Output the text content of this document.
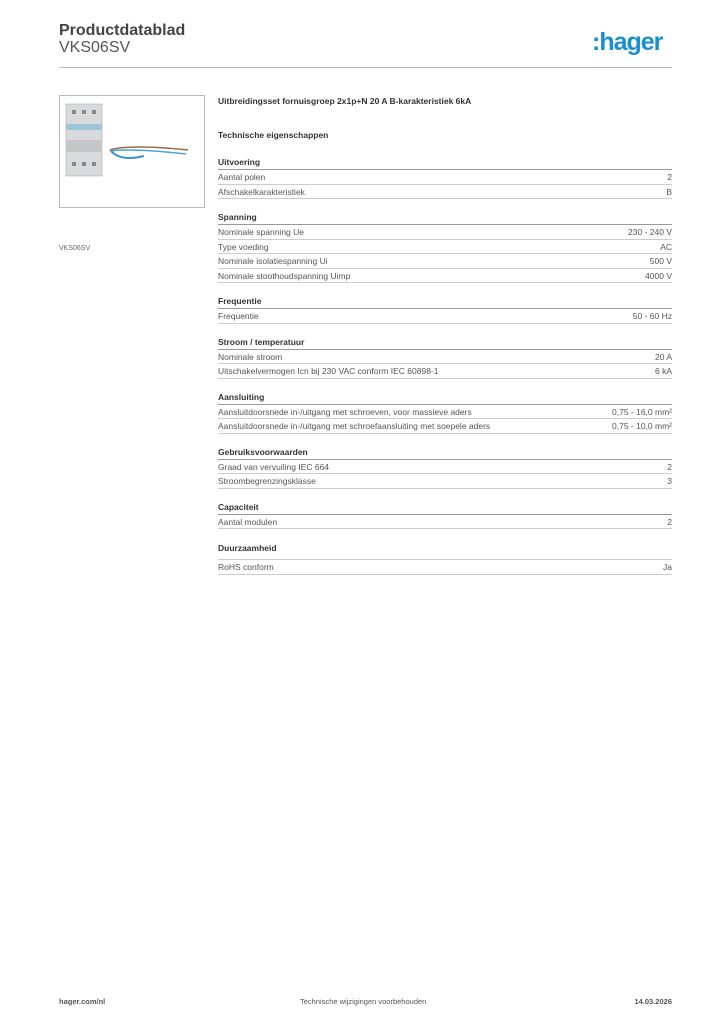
Productdatablad
VKS06SV	:hager
VKS06SV
Uitbreidingsset fornuisgroep 2x1p+N 20 A B-karakteristiek 6kA
Technische eigenschappen
Uitvoering
Aantal polen	2
Afschakelkarakteristiek	B
Spanning
Nominale spanning Ue	230 - 240 V
Type voeding	AC
Nominale isolatiespanning Ui	500 V
Nominale stoothoudspanning Uimp	4000 V
Frequentie
Frequentie	50 - 60 Hz
Stroom / temperatuur
Nominale stroom	20 A
Uitschakelvermogen Icn bij 230 VAC conform IEC 60898-1	6 kA
Aansluiting
Aansluitdoorsnede in-/uitgang met schroeven, voor massieve aders	0,75 - 16,0 mm²
Aansluitdoorsnede in-/uitgang met schroefaansluiting met soepele aders	0,75 - 10,0 mm²
Gebruiksvoorwaarden
Graad van vervuiling IEC 664	2
Stroombegrenzingsklasse	3
Capaciteit
Aantal modulen	2
Duurzaamheid
RoHS conform	Ja
hager.com/nl	Technische wijzigingen voorbehouden	14.03.2026
